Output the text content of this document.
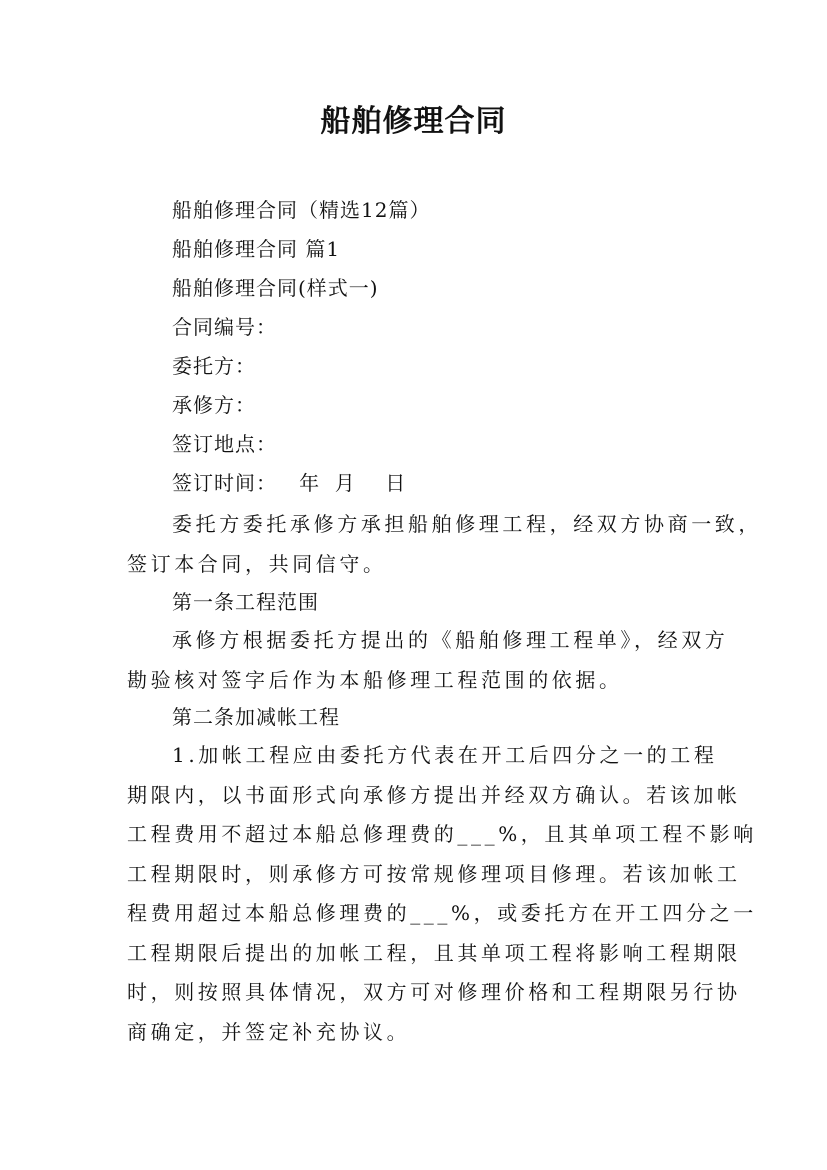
船舶修理合同
船舶修理合同（精选12篇）
船舶修理合同 篇1
船舶修理合同(样式一)
合同编号：
委托方：
承修方：
签订地点：
签订时间：   年  月    日
委托方委托承修方承担船舶修理工程，经双方协商一致，
签订本合同，共同信守。
第一条工程范围
承修方根据委托方提出的《船舶修理工程单》，经双方
勘验核对签字后作为本船修理工程范围的依据。
第二条加减帐工程
1.加帐工程应由委托方代表在开工后四分之一的工程
期限内，以书面形式向承修方提出并经双方确认。若该加帐
工程费用不超过本船总修理费的___%，且其单项工程不影响
工程期限时，则承修方可按常规修理项目修理。若该加帐工
程费用超过本船总修理费的___%，或委托方在开工四分之一
工程期限后提出的加帐工程，且其单项工程将影响工程期限
时，则按照具体情况，双方可对修理价格和工程期限另行协
商确定，并签定补充协议。
